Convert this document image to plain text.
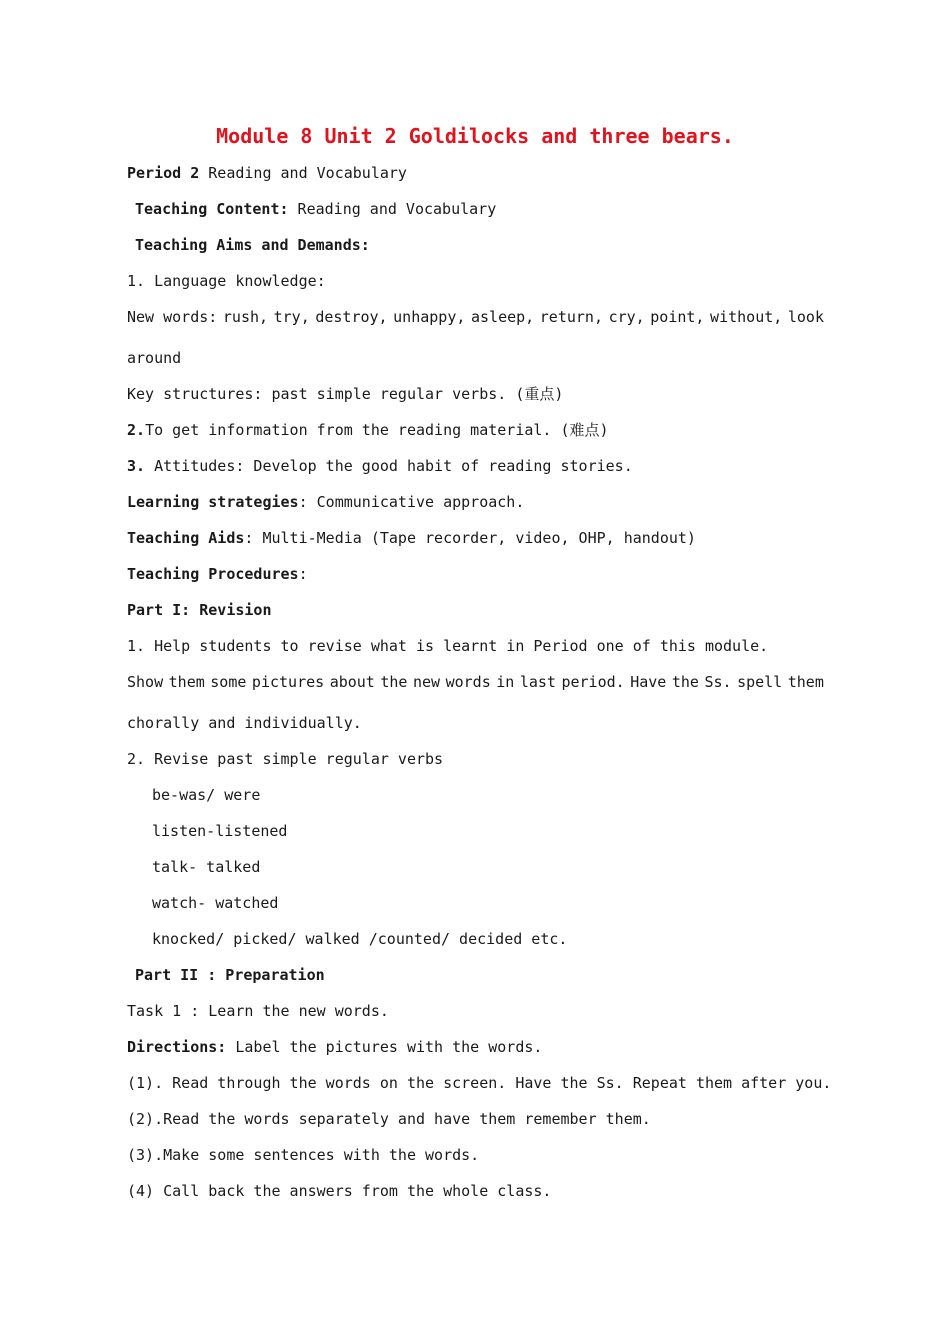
Module 8 Unit 2 Goldilocks and three bears.
Period 2 Reading and Vocabulary
Teaching Content: Reading and Vocabulary
Teaching Aims and Demands:
1. Language knowledge:
New words: rush, try, destroy, unhappy, asleep, return, cry, point, without, look
around
Key structures: past simple regular verbs. (重点)
2.To get information from the reading material. (难点)
3. Attitudes: Develop the good habit of reading stories.
Learning strategies: Communicative approach.
Teaching Aids: Multi-Media (Tape recorder, video, OHP, handout)
Teaching Procedures:
Part I: Revision
1. Help students to revise what is learnt in Period one of this module.
Show them some pictures about the new words in last period. Have the Ss. spell them
chorally and individually.
2. Revise past simple regular verbs
be-was/ were
listen-listened
talk- talked
watch- watched
knocked/ picked/ walked /counted/ decided etc.
Part II : Preparation
Task 1 : Learn the new words.
Directions: Label the pictures with the words.
(1). Read through the words on the screen. Have the Ss. Repeat them after you.
(2).Read the words separately and have them remember them.
(3).Make some sentences with the words.
(4) Call back the answers from the whole class.
